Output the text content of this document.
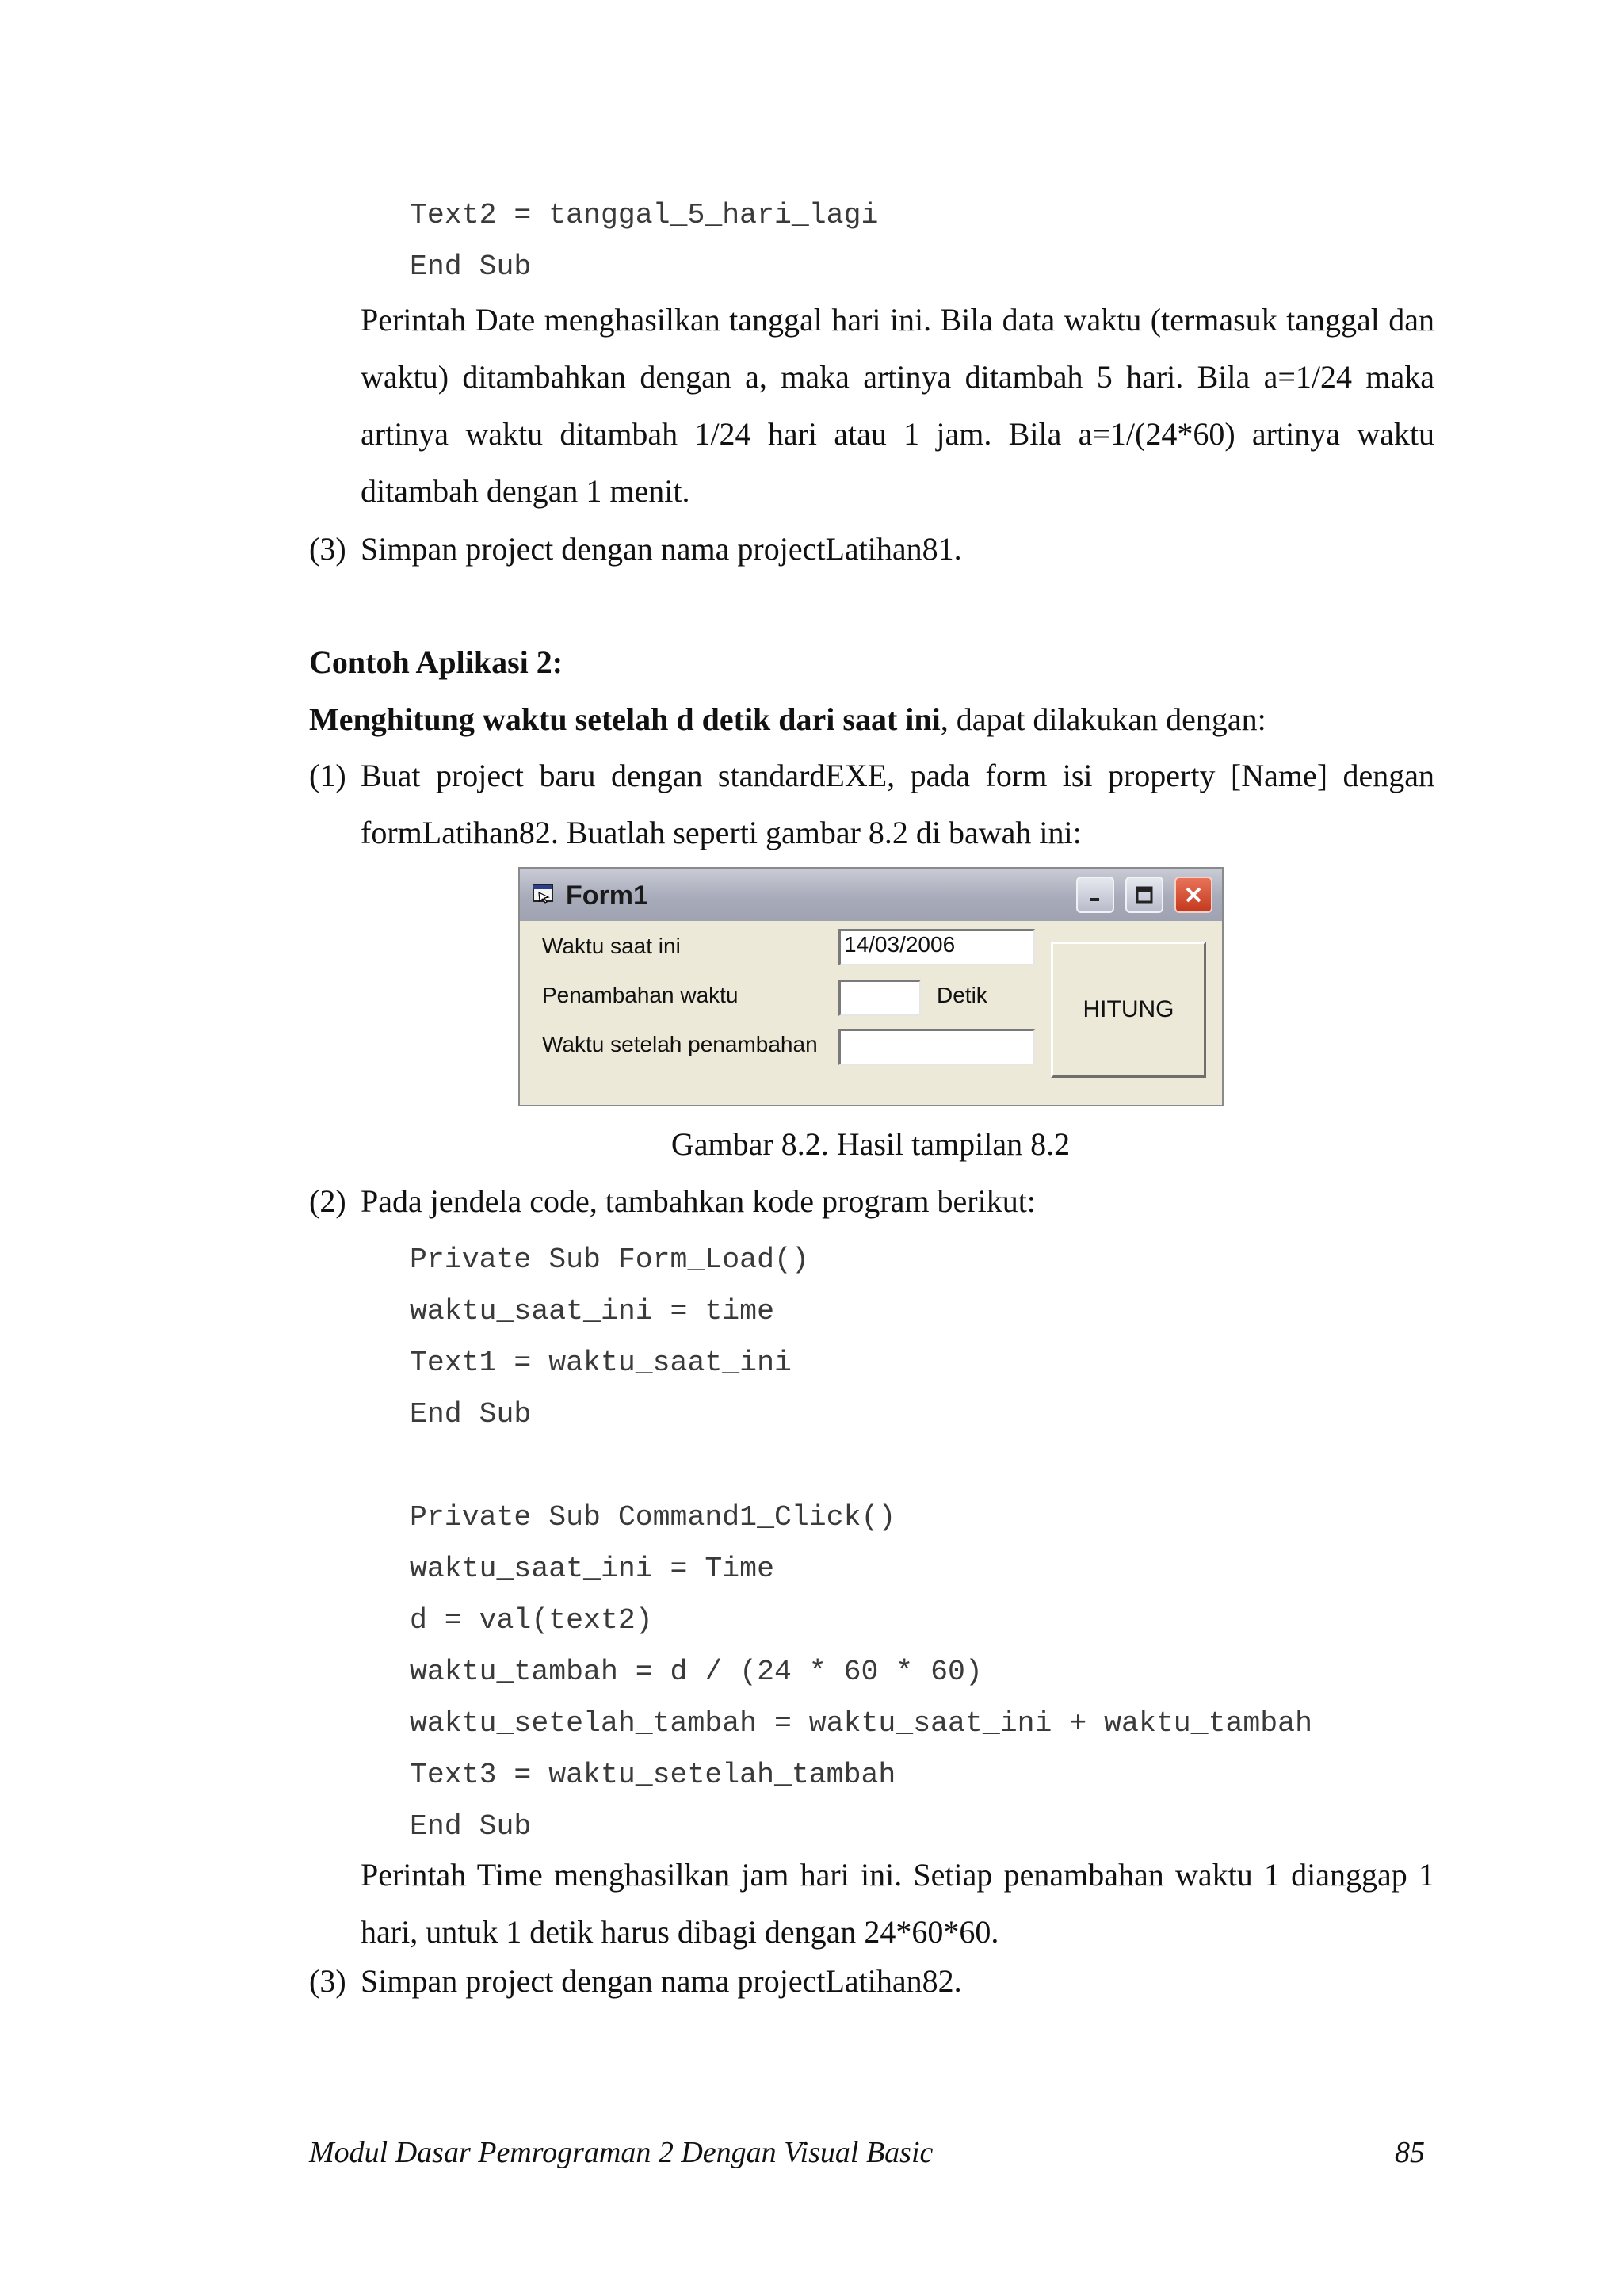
Text2 = tanggal_5_hari_lagi
End Sub
Perintah Date menghasilkan tanggal hari ini. Bila data waktu (termasuk tanggal dan waktu) ditambahkan dengan a, maka artinya ditambah 5 hari. Bila a=1/24 maka artinya waktu ditambah 1/24 hari atau 1 jam. Bila a=1/(24*60) artinya waktu ditambah dengan 1 menit.
(3) Simpan project dengan nama projectLatihan81.
Contoh Aplikasi 2:
Menghitung waktu setelah d detik dari saat ini, dapat dilakukan dengan:
(1) Buat project baru dengan standardEXE, pada form isi property [Name] dengan
formLatihan82. Buatlah seperti gambar 8.2 di bawah ini:
Form1
Waktu saat ini
Penambahan waktu
Waktu setelah penambahan
14/03/2006
Detik
HITUNG
Gambar 8.2. Hasil tampilan 8.2
(2) Pada jendela code, tambahkan kode program berikut:
Private Sub Form_Load()
waktu_saat_ini = time
Text1 = waktu_saat_ini
End Sub
Private Sub Command1_Click()
waktu_saat_ini = Time
d = val(text2)
waktu_tambah = d / (24 * 60 * 60)
waktu_setelah_tambah = waktu_saat_ini + waktu_tambah
Text3 = waktu_setelah_tambah
End Sub
Perintah Time menghasilkan jam hari ini. Setiap penambahan waktu 1 dianggap 1 hari, untuk 1 detik harus dibagi dengan 24*60*60.
(3) Simpan project dengan nama projectLatihan82.
Modul Dasar Pemrograman 2 Dengan Visual Basic	85
